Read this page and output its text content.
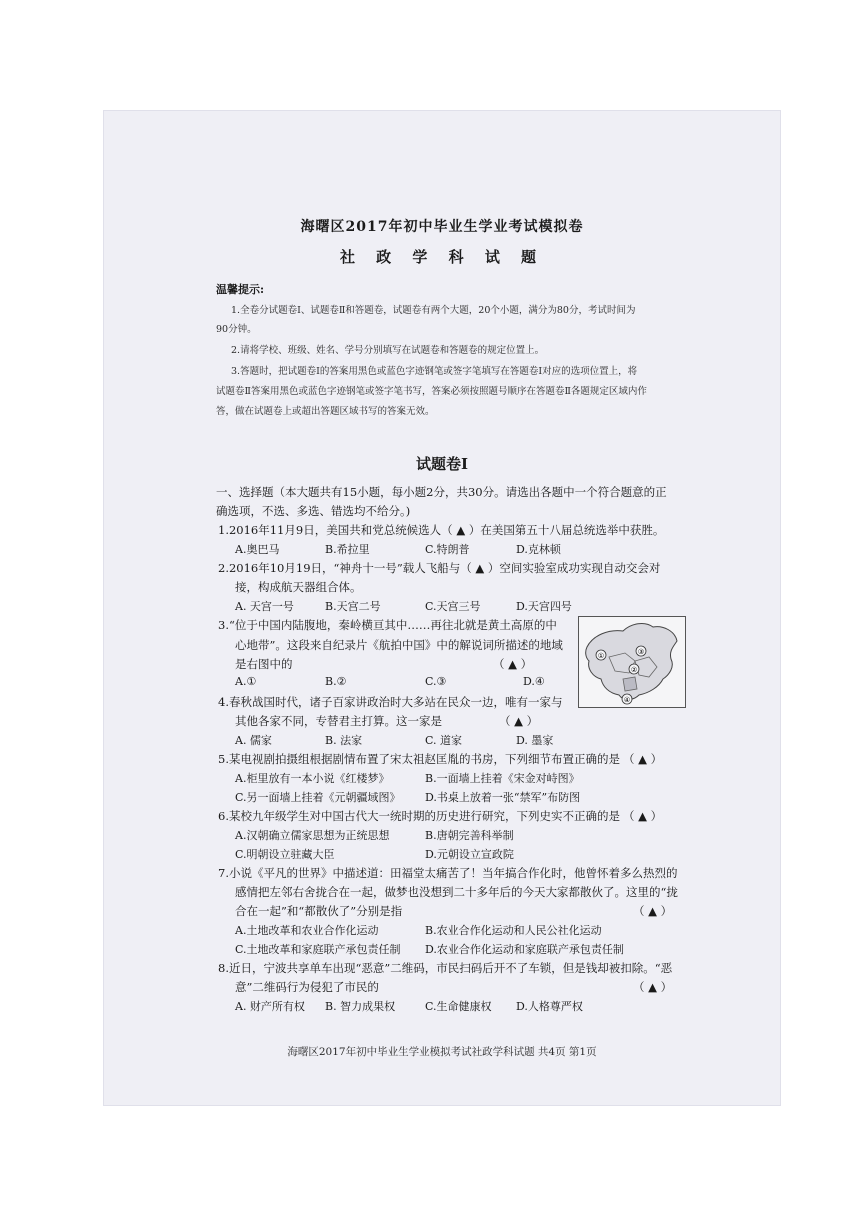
海曙区2017年初中毕业生学业考试模拟卷
社 政 学 科 试 题
温馨提示:
1.全卷分试题卷Ⅰ、试题卷Ⅱ和答题卷，试题卷有两个大题，20个小题，满分为80分，考试时间为
90分钟。
2.请将学校、班级、姓名、学号分别填写在试题卷和答题卷的规定位置上。
3.答题时，把试题卷Ⅰ的答案用黑色或蓝色字迹钢笔或签字笔填写在答题卷Ⅰ对应的选项位置上，将
试题卷Ⅱ答案用黑色或蓝色字迹钢笔或签字笔书写，答案必须按照题号顺序在答题卷Ⅱ各题规定区域内作
答，做在试题卷上或超出答题区域书写的答案无效。
试题卷Ⅰ
一、选择题（本大题共有15小题，每小题2分，共30分。请选出各题中一个符合题意的正
确选项，不选、多选、错选均不给分。)
1.2016年11月9日，美国共和党总统候选人（ ▲ ）在美国第五十八届总统选举中获胜。
A.奥巴马	B.希拉里	C.特朗普	D.克林顿
2.2016年10月19日，“神舟十一号”载人飞船与（ ▲ ）空间实验室成功实现自动交会对
接，构成航天器组合体。
A. 天宫一号	B.天宫二号	C.天宫三号	D.天宫四号
3.“位于中国内陆腹地，秦岭横亘其中……再往北就是黄土高原的中
心地带”。这段来自纪录片《航拍中国》中的解说词所描述的地域
是右图中的	（ ▲ ）
A.①	B.②	C.③	D.④
①
②
③
④
4.春秋战国时代，诸子百家讲政治时大多站在民众一边，唯有一家与
其他各家不同，专替君主打算。这一家是	（ ▲ ）
A. 儒家	B. 法家	C. 道家	D. 墨家
5.某电视剧拍摄组根据剧情布置了宋太祖赵匡胤的书房，下列细节布置正确的是 （ ▲ ）
A.柜里放有一本小说《红楼梦》	B.一面墙上挂着《宋金对峙图》
C.另一面墙上挂着《元朝疆域图》 D.书桌上放着一张“禁军”布防图
6.某校九年级学生对中国古代大一统时期的历史进行研究，下列史实不正确的是 （ ▲ ）
A.汉朝确立儒家思想为正统思想	B.唐朝完善科举制
C.明朝设立驻藏大臣	D.元朝设立宣政院
7.小说《平凡的世界》中描述道：田福堂太痛苦了！当年搞合作化时，他曾怀着多么热烈的
感情把左邻右舍拢合在一起，做梦也没想到二十多年后的今天大家都散伙了。这里的“拢
合在一起”和“都散伙了”分别是指	（ ▲ ）
A.土地改革和农业合作化运动	B.农业合作化运动和人民公社化运动
C.土地改革和家庭联产承包责任制 D.农业合作化运动和家庭联产承包责任制
8.近日，宁波共享单车出现“恶意”二维码，市民扫码后开不了车锁，但是钱却被扣除。“恶
意”二维码行为侵犯了市民的	（ ▲ ）
A. 财产所有权 B. 智力成果权	C.生命健康权 D.人格尊严权
海曙区2017年初中毕业生学业模拟考试社政学科试题 共4页 第1页
